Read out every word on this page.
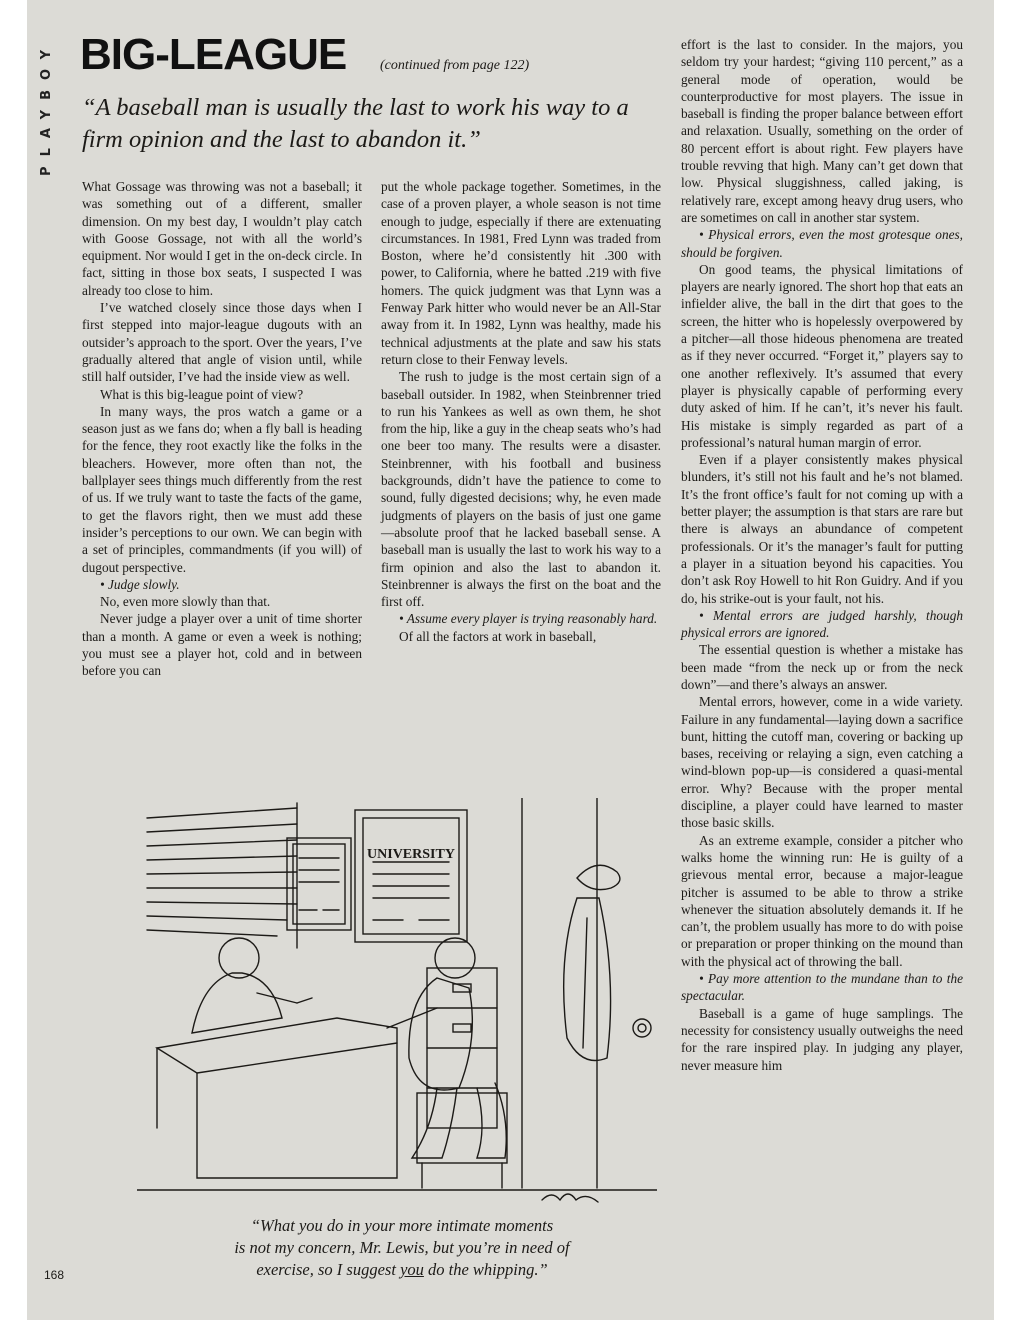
PLAYBOY BIG-LEAGUE (continued from page 122)
“A baseball man is usually the last to work his way to a firm opinion and the last to abandon it.”

What Gossage was throwing was not a baseball; it was something out of a different, smaller dimension. On my best day, I wouldn’t play catch with Goose Gossage, not with all the world’s equipment. Nor would I get in the on-deck circle. In fact, sitting in those box seats, I suspected I was already too close to him.

I’ve watched closely since those days when I first stepped into major-league dugouts with an outsider’s approach to the sport. Over the years, I’ve gradually altered that angle of vision until, while still half outsider, I’ve had the inside view as well.

What is this big-league point of view?

In many ways, the pros watch a game or a season just as we fans do; when a fly ball is heading for the fence, they root exactly like the folks in the bleachers. However, more often than not, the ballplayer sees things much differently from the rest of us. If we truly want to taste the facts of the game, to get the flavors right, then we must add these insider’s perceptions to our own. We can begin with a set of principles, commandments (if you will) of dugout perspective.

• Judge slowly.

No, even more slowly than that.

Never judge a player over a unit of time shorter than a month. A game or even a week is nothing; you must see a player hot, cold and in between before you can

put the whole package together. Sometimes, in the case of a proven player, a whole season is not time enough to judge, especially if there are extenuating circumstances. In 1981, Fred Lynn was traded from Boston, where he’d consistently hit .300 with power, to California, where he batted .219 with five homers. The quick judgment was that Lynn was a Fenway Park hitter who would never be an All-Star away from it. In 1982, Lynn was healthy, made his technical adjustments at the plate and saw his stats return close to their Fenway levels.

The rush to judge is the most certain sign of a baseball outsider. In 1982, when Steinbrenner tried to run his Yankees as well as own them, he shot from the hip, like a guy in the cheap seats who’s had one beer too many. The results were a disaster. Steinbrenner, with his football and business backgrounds, didn’t have the patience to come to sound, fully digested decisions; why, he even made judgments of players on the basis of just one game—absolute proof that he lacked baseball sense. A baseball man is usually the last to work his way to a firm opinion and also the last to abandon it. Steinbrenner is always the first on the boat and the first off.

• Assume every player is trying reasonably hard.

Of all the factors at work in baseball,

effort is the last to consider. In the majors, you seldom try your hardest; “giving 110 percent,” as a general mode of operation, would be counterproductive for most players. The issue in baseball is finding the proper balance between effort and relaxation. Usually, something on the order of 80 percent effort is about right. Few players have trouble revving that high. Many can’t get down that low. Physical sluggishness, called jaking, is relatively rare, except among heavy drug users, who are sometimes on call in another star system.

• Physical errors, even the most grotesque ones, should be forgiven.

On good teams, the physical limitations of players are nearly ignored. The short hop that eats an infielder alive, the ball in the dirt that goes to the screen, the hitter who is hopelessly overpowered by a pitcher—all those hideous phenomena are treated as if they never occurred. “Forget it,” players say to one another reflexively. It’s assumed that every player is physically capable of performing every duty asked of him. If he can’t, it’s never his fault. His mistake is simply regarded as part of a professional’s natural human margin of error.

Even if a player consistently makes physical blunders, it’s still not his fault and he’s not blamed. It’s the front office’s fault for not coming up with a better player; the assumption is that stars are rare but there is always an abundance of competent professionals. Or it’s the manager’s fault for putting a player in a situation beyond his capacities. You don’t ask Roy Howell to hit Ron Guidry. And if you do, his strike-out is your fault, not his.

• Mental errors are judged harshly, though physical errors are ignored.

The essential question is whether a mistake has been made “from the neck up or from the neck down”—and there’s always an answer.

Mental errors, however, come in a wide variety. Failure in any fundamental—laying down a sacrifice bunt, hitting the cutoff man, covering or backing up bases, receiving or relaying a sign, even catching a wind-blown pop-up—is considered a quasi-mental error. Why? Because with the proper mental discipline, a player could have learned to master those basic skills.

As an extreme example, consider a pitcher who walks home the winning run: He is guilty of a grievous mental error, because a major-league pitcher is assumed to be able to throw a strike whenever the situation absolutely demands it. If he can’t, the problem usually has more to do with poise or preparation or proper thinking on the mound than with the physical act of throwing the ball.

• Pay more attention to the mundane than to the spectacular.

Baseball is a game of huge samplings. The necessity for consistency usually outweighs the need for the rare inspired play. In judging any player, never measure him

UNIVERSITY
“What you do in your more intimate moments
is not my concern, Mr. Lewis, but you’re in need of
exercise, so I suggest you do the whipping.”
168
